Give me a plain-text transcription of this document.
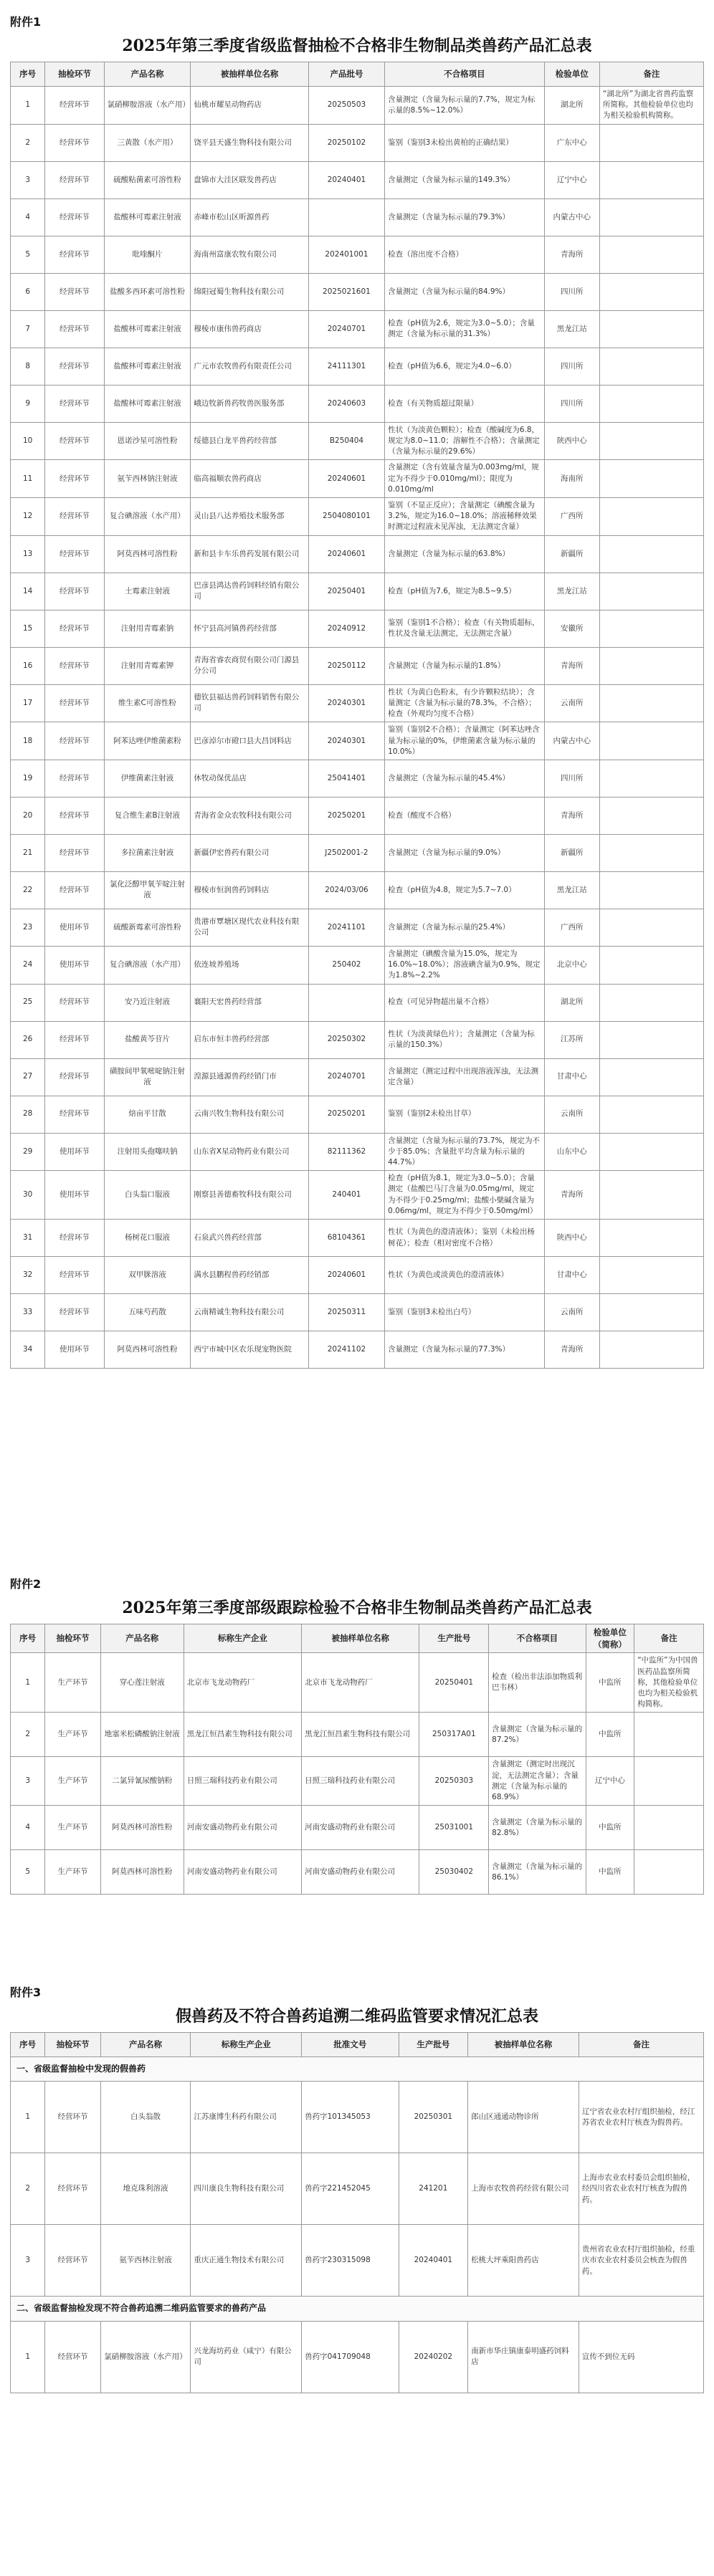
附件1
2025年第三季度省级监督抽检不合格非生物制品类兽药产品汇总表
序号	抽检环节	产品名称	被抽样单位名称	产品批号	不合格项目	检验单位	备注
1	经营环节	氯硝柳胺溶液（水产用）	仙桃市耀星动物药店	20250503	含量测定（含量为标示量的7.7%，规定为标示量的8.5%~12.0%）	湖北所	“湖北所”为湖北省兽药监察所简称。其他检验单位也均为相关检验机构简称。
2	经营环节	三黄散（水产用）	饶平县天盛生物科技有限公司	20250102	鉴别（鉴别3未检出黄柏的正确结果）	广东中心	
3	经营环节	硫酸粘菌素可溶性粉	盘锦市大洼区联发兽药店	20240401	含量测定（含量为标示量的149.3%）	辽宁中心	
4	经营环节	盐酸林可霉素注射液	赤峰市松山区昕源兽药		含量测定（含量为标示量的79.3%）	内蒙古中心	
5	经营环节	吡喹酮片	海南州富康农牧有限公司	202401001	检查（溶出度不合格）	青海所	
6	经营环节	盐酸多西环素可溶性粉	绵阳冠蜀生物科技有限公司	2025021601	含量测定（含量为标示量的84.9%）	四川所	
7	经营环节	盐酸林可霉素注射液	穆棱市康伟兽药商店	20240701	检查（pH值为2.6，规定为3.0~5.0）；含量测定（含量为标示量的31.3%）	黑龙江站	
8	经营环节	盐酸林可霉素注射液	广元市农牧兽药有限责任公司	24111301	检查（pH值为6.6，规定为4.0~6.0）	四川所	
9	经营环节	盐酸林可霉素注射液	峨边牧新兽药牧兽医服务部	20240603	检查（有关物质超过限量）	四川所	
10	经营环节	恩诺沙星可溶性粉	绥德县白龙平兽药经营部	B250404	性状（为淡黄色颗粒）；检查（酸碱度为6.8，规定为8.0~11.0；溶解性不合格）；含量测定（含量为标示量的29.6%）	陕西中心	
11	经营环节	氨苄西林钠注射液	临高福顺农兽药商店	20240601	含量测定（含有效量含量为0.003mg/ml，规定为不得少于0.010mg/ml）；限度为0.010mg/ml	海南所	
12	经营环节	复合碘溶液（水产用）	灵山县八达养殖技术服务部	2504080101	鉴别（不显正反应）；含量测定（碘酸含量为3.2%，规定为16.0~18.0%；溶液稀释效果时测定过程液未见浑浊，无法测定含量）	广西所	
13	经营环节	阿莫西林可溶性粉	新和县卡车乐兽药发展有限公司	20240601	含量测定（含量为标示量的63.8%）	新疆所	
14	经营环节	土霉素注射液	巴彦县鸿达兽药饲料经销有限公司	20250401	检查（pH值为7.6，规定为8.5~9.5）	黑龙江站	
15	经营环节	注射用青霉素钠	怀宁县高河镇兽药经营部	20240912	鉴别（鉴别1不合格）；检查（有关物质超标，性状及含量无法测定，无法测定含量）	安徽所	
16	经营环节	注射用青霉素钾	青海省睿农商贸有限公司门源县分公司	20250112	含量测定（含量为标示量的1.8%）	青海所	
17	经营环节	维生素C可溶性粉	德钦县福达兽药饲料销售有限公司	20240301	性状（为黄白色粉末，有少许颗粒结块）；含量测定（含量为标示量的78.3%，不合格）；检查（外观均匀度不合格）	云南所	
18	经营环节	阿苯达唑伊维菌素粉	巴彦淖尔市磴口县大昌饲料店	20240301	鉴别（鉴别2不合格）；含量测定（阿苯达唑含量为标示量的0%，伊维菌素含量为标示量的10.0%）	内蒙古中心	
19	经营环节	伊维菌素注射液	休牧动保优品店	25041401	含量测定（含量为标示量的45.4%）	四川所	
20	经营环节	复合维生素B注射液	青海省金众农牧科技有限公司	20250201	检查（酸度不合格）	青海所	
21	经营环节	多拉菌素注射液	新疆伊宏兽药有限公司	J2502001-2	含量测定（含量为标示量的9.0%）	新疆所	
22	经营环节	氯化泛醇甲氧苄啶注射液	穆棱市恒润兽药饲料店	2024/03/06	检查（pH值为4.8，规定为5.7~7.0）	黑龙江站	
23	使用环节	硫酸新霉素可溶性粉	贵港市覃塘区现代农业科技有限公司	20241101	含量测定（含量为标示量的25.4%）	广西所	
24	使用环节	复合碘溶液（水产用）	依连坡养殖场	250402	含量测定（碘酸含量为15.0%，规定为16.0%~18.0%）；溶液碘含量为0.9%，规定为1.8%~2.2%	北京中心	
25	经营环节	安乃近注射液	襄阳天宏兽药经营部		检查（可见异物超出量不合格）	湖北所	
26	经营环节	盐酸黄芩苷片	启东市恒丰兽药经营部	20250302	性状（为淡黄绿色片）；含量测定（含量为标示量的150.3%）	江苏所	
27	经营环节	磺胺间甲氧嘧啶钠注射液	湟源县通源兽药经销门市	20240701	含量测定（测定过程中出现溶液浑浊，无法测定含量）	甘肃中心	
28	经营环节	焙亩平甘散	云南兴牧生物科技有限公司	20250201	鉴别（鉴别2未检出甘草）	云南所	
29	使用环节	注射用头孢噻呋钠	山东省X星动物药业有限公司	82111362	含量测定（含量为标示量的73.7%，规定为不少于85.0%；含量批平均含量为标示量的44.7%）	山东中心	
30	使用环节	白头翁口服液	刚察县善德畜牧科技有限公司	240401	检查（pH值为8.1，规定为3.0~5.0）；含量测定（盐酸巴马汀含量为0.05mg/ml，规定为不得少于0.25mg/ml；盐酸小檗碱含量为0.06mg/ml，规定为不得少于0.50mg/ml）	青海所	
31	经营环节	杨树花口服液	石泉武兴兽药经营部	68104361	性状（为黄色的澄清液体）；鉴别（未检出杨树花）；检查（相对密度不合格）	陕西中心	
32	经营环节	双甲脒溶液	满水县鹏程兽药经销部	20240601	性状（为黄色或淡黄色的澄清液体）	甘肃中心	
33	经营环节	五味芍药散	云南精诚生物科技有限公司	20250311	鉴别（鉴别3未检出白芍）	云南所	
34	使用环节	阿莫西林可溶性粉	西宁市城中区农乐现宠物医院	20241102	含量测定（含量为标示量的77.3%）	青海所	
附件2
2025年第三季度部级跟踪检验不合格非生物制品类兽药产品汇总表
序号	抽检环节	产品名称	标称生产企业	被抽样单位名称	生产批号	不合格项目	检验单位（简称）	备注
1	生产环节	穿心莲注射液	北京市飞龙动物药厂	北京市飞龙动物药厂	20250401	检查（检出非法添加物质利巴韦林）	中监所	“中监所”为中国兽医药品监察所简称，其他检验单位也均为相关检验机构简称。
2	生产环节	地塞米松磷酸钠注射液	黑龙江恒昌素生物科技有限公司	黑龙江恒昌素生物科技有限公司	250317A01	含量测定（含量为标示量的87.2%）	中监所	
3	生产环节	二氯异氰尿酸钠粉	日照三瑞科技药业有限公司	日照三瑞科技药业有限公司	20250303	含量测定（测定时出现沉淀，无法测定含量）；含量测定（含量为标示量的68.9%）	辽宁中心	
4	生产环节	阿莫西林可溶性粉	河南安盛动物药业有限公司	河南安盛动物药业有限公司	25031001	含量测定（含量为标示量的82.8%）	中监所	
5	生产环节	阿莫西林可溶性粉	河南安盛动物药业有限公司	河南安盛动物药业有限公司	25030402	含量测定（含量为标示量的86.1%）	中监所	
附件3
假兽药及不符合兽药追溯二维码监管要求情况汇总表
序号	抽检环节	产品名称	标称生产企业	批准文号	生产批号	被抽样单位名称	备注
一、省级监督抽检中发现的假兽药							
1	经营环节	白头翁散	江苏康博生科药有限公司	兽药字101345053	20250301	郎山区通通动物诊所	辽宁省农业农村厅组织抽检，经江苏省农业农村厅核查为假兽药。
2	经营环节	地克珠利溶液	四川康良生物科技有限公司	兽药字221452045	241201	上海市农牧兽药经营有限公司	上海市农业农村委员会组织抽检，经四川省农业农村厅核查为假兽药。
3	经营环节	氨苄西林注射液	重庆正通生物技术有限公司	兽药字230315098	20240401	松桃大坪乘阳兽药店	贵州省农业农村厅组织抽检，经重庆市农业农村委员会核查为假兽药。
二、省级监督抽检发现不符合兽药追溯二维码监管要求的兽药产品							
1	经营环节	氯硝柳胺溶液（水产用）	兴龙海坊药业（咸宁）有限公司	兽药字041709048	20240202	南新市华庄镇康泰明盛药饲料店	宣传不到位无码
